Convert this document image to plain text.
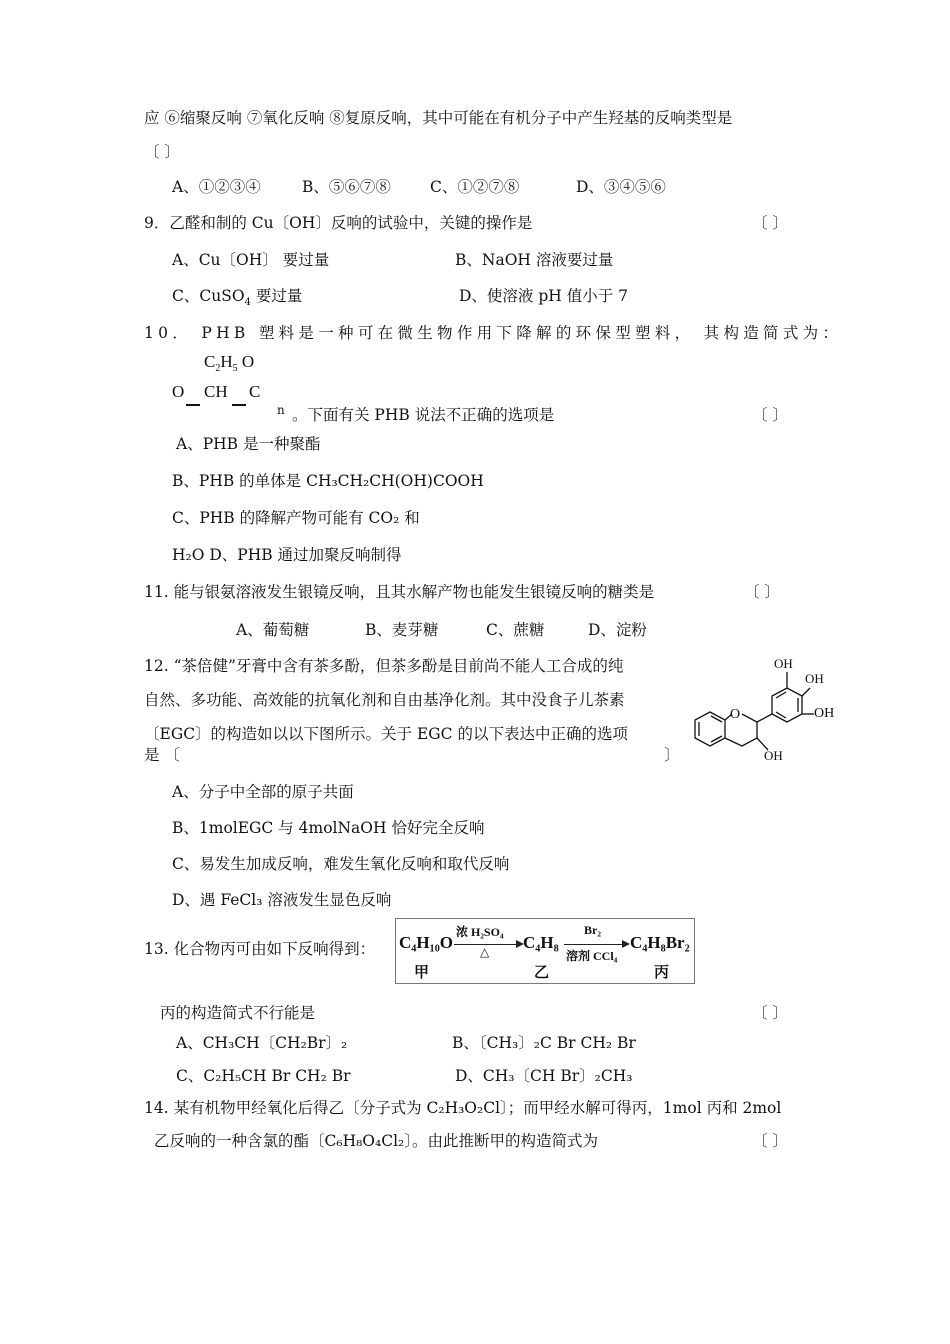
应 ⑥缩聚反响 ⑦氧化反响 ⑧复原反响，其中可能在有机分子中产生羟基的反响类型是
〔 〕
A、①②③④	B、⑤⑥⑦⑧	C、①②⑦⑧	D、③④⑤⑥
9．乙醛和制的 Cu〔OH〕反响的试验中，关键的操作是	〔 〕
A、Cu〔OH〕 要过量	B、NaOH 溶液要过量
C、CuSO$_4$ 要过量	D、使溶液 pH 值小于 7
10． PHB 塑料是一种可在微生物作用下降解的环保型塑料， 其构造简式为：
$C_2H_5$ O
O CH C
n 。下面有关 PHB 说法不正确的选项是	〔 〕
A、PHB 是一种聚酯
B、PHB 的单体是 CH₃CH₂CH(OH)COOH
C、PHB 的降解产物可能有 CO₂ 和
H₂O D、PHB 通过加聚反响制得
11. 能与银氨溶液发生银镜反响，且其水解产物也能发生银镜反响的糖类是	〔 〕
A、葡萄糖	B、麦芽糖	C、蔗糖	D、淀粉
12. “茶倍健”牙膏中含有茶多酚，但茶多酚是目前尚不能人工合成的纯
自然、多功能、高效能的抗氧化剂和自由基净化剂。其中没食子儿茶素
〔EGC〕的构造如以以下图所示。关于 EGC 的以下表达中正确的选项
是 〔	〕
O
OH
OH
OH
OH
A、分子中全部的原子共面
B、1molEGC 与 4molNaOH 恰好完全反响
C、易发生加成反响，难发生氧化反响和取代反响
D、遇 FeCl₃ 溶液发生显色反响
13. 化合物丙可由如下反响得到： C₄H₁₀O
浓 H₂SO₄
△ C₄H₈
Br₂
溶剂 CCl₄
C₄H₈Br₂
甲	乙	丙
丙的构造简式不行能是	〔 〕
A、CH₃CH〔CH₂Br〕₂	B、〔CH₃〕₂C Br CH₂ Br
C、C₂H₅CH Br CH₂ Br	D、CH₃〔CH Br〕₂CH₃
14. 某有机物甲经氧化后得乙〔分子式为 C₂H₃O₂Cl〕；而甲经水解可得丙，1mol 丙和 2mol
乙反响的一种含氯的酯〔C₆H₈O₄Cl₂〕。由此推断甲的构造简式为	〔 〕
